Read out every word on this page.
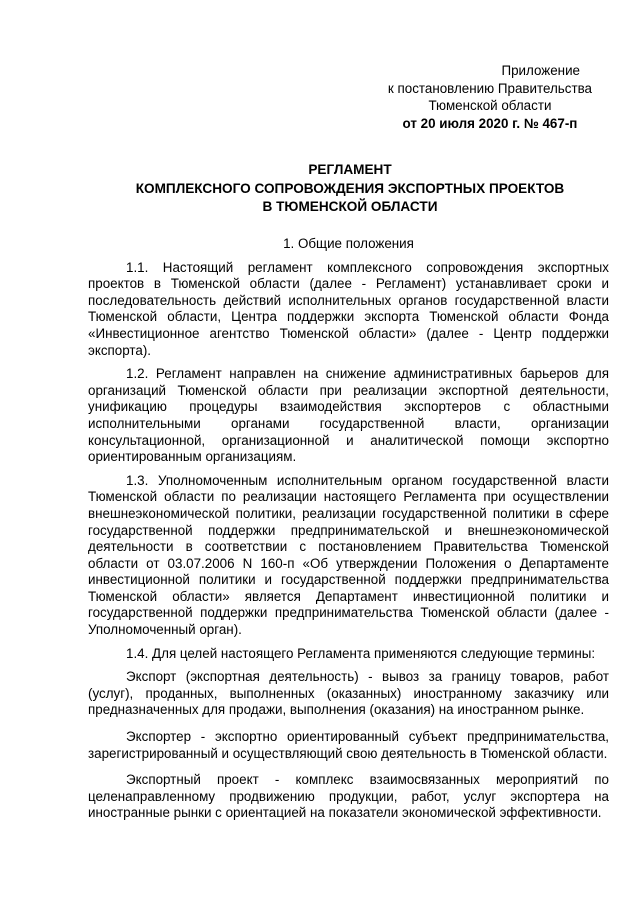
Приложение
к постановлению Правительства
Тюменской области
от 20 июля 2020 г. № 467-п
РЕГЛАМЕНТ
КОМПЛЕКСНОГО СОПРОВОЖДЕНИЯ ЭКСПОРТНЫХ ПРОЕКТОВ
В ТЮМЕНСКОЙ ОБЛАСТИ
1. Общие положения

1.1. Настоящий регламент комплексного сопровождения экспортных проектов в Тюменской области (далее - Регламент) устанавливает сроки и последовательность действий исполнительных органов государственной власти Тюменской области, Центра поддержки экспорта Тюменской области Фонда «Инвестиционное агентство Тюменской области» (далее - Центр поддержки экспорта).

1.2. Регламент направлен на снижение административных барьеров для организаций Тюменской области при реализации экспортной деятельности, унификацию процедуры взаимодействия экспортеров с областными исполнительными органами государственной власти, организации консультационной, организационной и аналитической помощи экспортно ориентированным организациям.

1.3. Уполномоченным исполнительным органом государственной власти Тюменской области по реализации настоящего Регламента при осуществлении внешнеэкономической политики, реализации государственной политики в сфере государственной поддержки предпринимательской и внешнеэкономической деятельности в соответствии с постановлением Правительства Тюменской области от 03.07.2006 N 160-п «Об утверждении Положения о Департаменте инвестиционной политики и государственной поддержки предпринимательства Тюменской области» является Департамент инвестиционной политики и государственной поддержки предпринимательства Тюменской области (далее - Уполномоченный орган).

1.4. Для целей настоящего Регламента применяются следующие термины:

Экспорт (экспортная деятельность) - вывоз за границу товаров, работ (услуг), проданных, выполненных (оказанных) иностранному заказчику или предназначенных для продажи, выполнения (оказания) на иностранном рынке.

Экспортер - экспортно ориентированный субъект предпринимательства, зарегистрированный и осуществляющий свою деятельность в Тюменской области.

Экспортный проект - комплекс взаимосвязанных мероприятий по целенаправленному продвижению продукции, работ, услуг экспортера на иностранные рынки с ориентацией на показатели экономической эффективности.
